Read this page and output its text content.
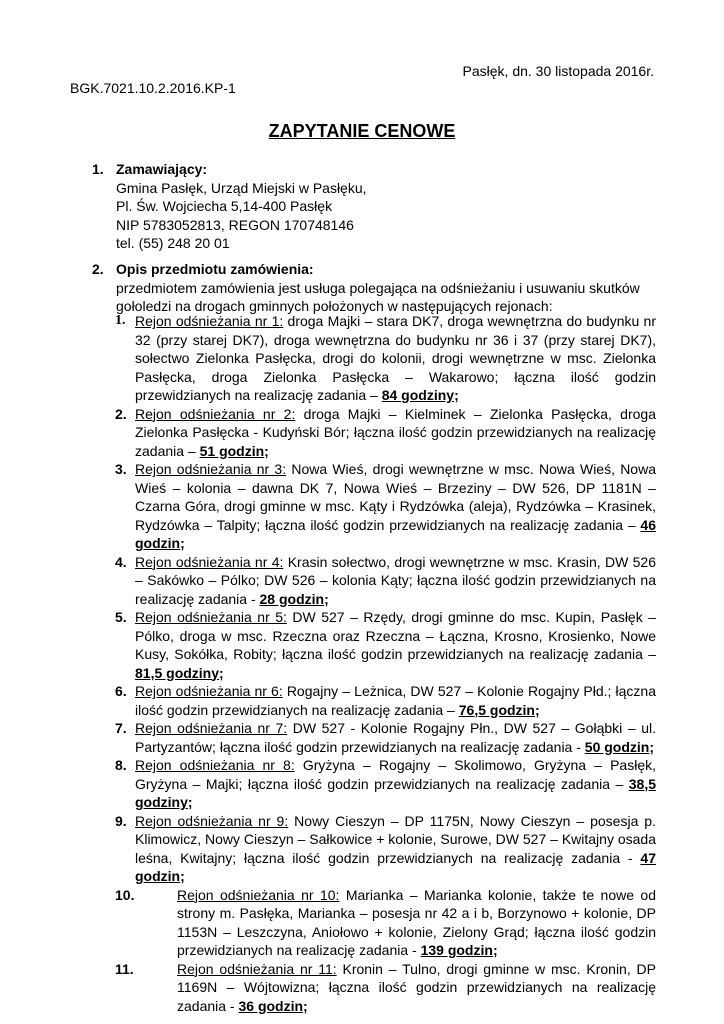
Pasłęk, dn. 30 listopada 2016r.
BGK.7021.10.2.2016.KP-1
ZAPYTANIE CENOWE
1. Zamawiający:
Gmina Pasłęk, Urząd Miejski w Pasłęku,
Pl. Św. Wojciecha 5,14-400 Pasłęk
NIP 5783052813, REGON 170748146
tel. (55) 248 20 01
2. Opis przedmiotu zamówienia:
przedmiotem zamówienia jest usługa polegająca na odśnieżaniu i usuwaniu skutków gołoledzi na drogach gminnych położonych w następujących rejonach:
1. Rejon odśnieżania nr 1: droga Majki – stara DK7, droga wewnętrzna do budynku nr 32 (przy starej DK7), droga wewnętrzna do budynku nr 36 i 37 (przy starej DK7), sołectwo Zielonka Pasłęcka, drogi do kolonii, drogi wewnętrzne w msc. Zielonka Pasłęcka, droga Zielonka Pasłęcka – Wakarowo; łączna ilość godzin przewidzianych na realizację zadania – 84 godziny;
2. Rejon odśnieżania nr 2: droga Majki – Kielminek – Zielonka Pasłęcka, droga Zielonka Pasłęcka - Kudyński Bór; łączna ilość godzin przewidzianych na realizację zadania – 51 godzin;
3. Rejon odśnieżania nr 3: Nowa Wieś, drogi wewnętrzne w msc. Nowa Wieś, Nowa Wieś – kolonia – dawna DK 7, Nowa Wieś – Brzeziny – DW 526, DP 1181N – Czarna Góra, drogi gminne w msc. Kąty i Rydzówka (aleja), Rydzówka – Krasinek, Rydzówka – Talpity; łączna ilość godzin przewidzianych na realizację zadania – 46 godzin;
4. Rejon odśnieżania nr 4: Krasin sołectwo, drogi wewnętrzne w msc. Krasin, DW 526 – Sakówko – Pólko; DW 526 – kolonia Kąty; łączna ilość godzin przewidzianych na realizację zadania - 28 godzin;
5. Rejon odśnieżania nr 5: DW 527 – Rzędy, drogi gminne do msc. Kupin, Pasłęk – Pólko, droga w msc. Rzeczna oraz Rzeczna – Łączna, Krosno, Krosienko, Nowe Kusy, Sokółka, Robity; łączna ilość godzin przewidzianych na realizację zadania – 81,5 godziny;
6. Rejon odśnieżania nr 6: Rogajny – Leżnica, DW 527 – Kolonie Rogajny Płd.; łączna ilość godzin przewidzianych na realizację zadania – 76,5 godzin;
7. Rejon odśnieżania nr 7: DW 527 - Kolonie Rogajny Płn., DW 527 – Gołąbki – ul. Partyzantów; łączna ilość godzin przewidzianych na realizację zadania - 50 godzin;
8. Rejon odśnieżania nr 8: Gryżyna – Rogajny – Skolimowo, Gryżyna – Pasłęk, Gryżyna – Majki; łączna ilość godzin przewidzianych na realizację zadania – 38,5 godziny;
9. Rejon odśnieżania nr 9: Nowy Cieszyn – DP 1175N, Nowy Cieszyn – posesja p. Klimowicz, Nowy Cieszyn – Sałkowice + kolonie, Surowe, DW 527 – Kwitajny osada leśna, Kwitajny; łączna ilość godzin przewidzianych na realizację zadania - 47 godzin;
10.	Rejon odśnieżania nr 10: Marianka – Marianka kolonie, także te nowe od strony m. Pasłęka, Marianka – posesja nr 42 a i b, Borzynowo + kolonie, DP 1153N – Leszczyna, Aniołowo + kolonie, Zielony Grąd; łączna ilość godzin przewidzianych na realizację zadania - 139 godzin;
11.	Rejon odśnieżania nr 11: Kronin – Tulno, drogi gminne w msc. Kronin, DP 1169N – Wójtowizna; łączna ilość godzin przewidzianych na realizację zadania - 36 godzin;
